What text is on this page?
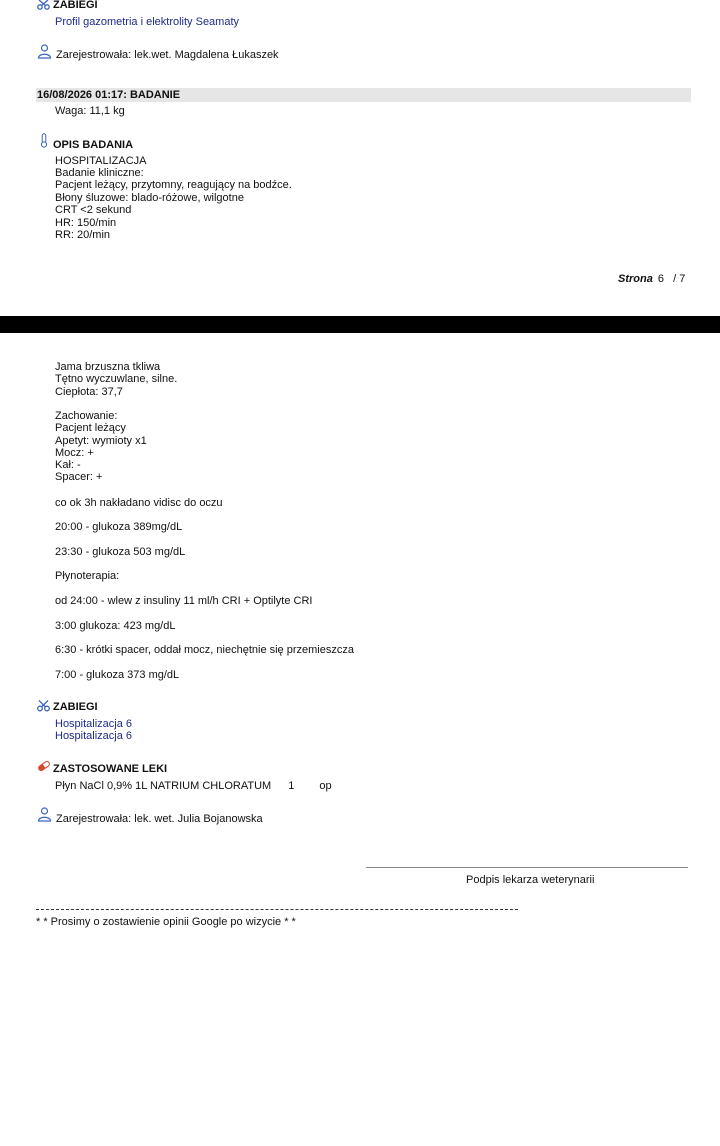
ZABIEGI
Profil gazometria i elektrolity Seamaty
Zarejestrowała: lek.wet. Magdalena Łukaszek
16/08/2026 01:17: BADANIE
Waga: 11,1 kg
OPIS BADANIA
HOSPITALIZACJA
Badanie kliniczne:
Pacjent leżący, przytomny, reagujący na bodźce.
Błony śluzowe: blado-różowe, wilgotne
CRT <2 sekund
HR: 150/min
RR: 20/min
Strona 6 / 7
Jama brzuszna tkliwa
Tętno wyczuwlane, silne.
Ciepłota: 37,7
Zachowanie:
Pacjent leżący
Apetyt: wymioty x1
Mocz: +
Kał: -
Spacer: +
co ok 3h nakładano vidisc do oczu
20:00 - glukoza 389mg/dL
23:30 - glukoza 503 mg/dL
Płynoterapia:
od 24:00 - wlew z insuliny 11 ml/h CRI + Optilyte CRI
3:00 glukoza: 423 mg/dL
6:30 - krótki spacer, oddał mocz, niechętnie się przemieszcza
7:00 - glukoza 373 mg/dL
ZABIEGI
Hospitalizacja 6
Hospitalizacja 6
ZASTOSOWANE LEKI
Płyn NaCl 0,9% 1L NATRIUM CHLORATUM 1 op
Zarejestrowała: lek. wet. Julia Bojanowska
Podpis lekarza weterynarii
* * Prosimy o zostawienie opinii Google po wizycie * *
